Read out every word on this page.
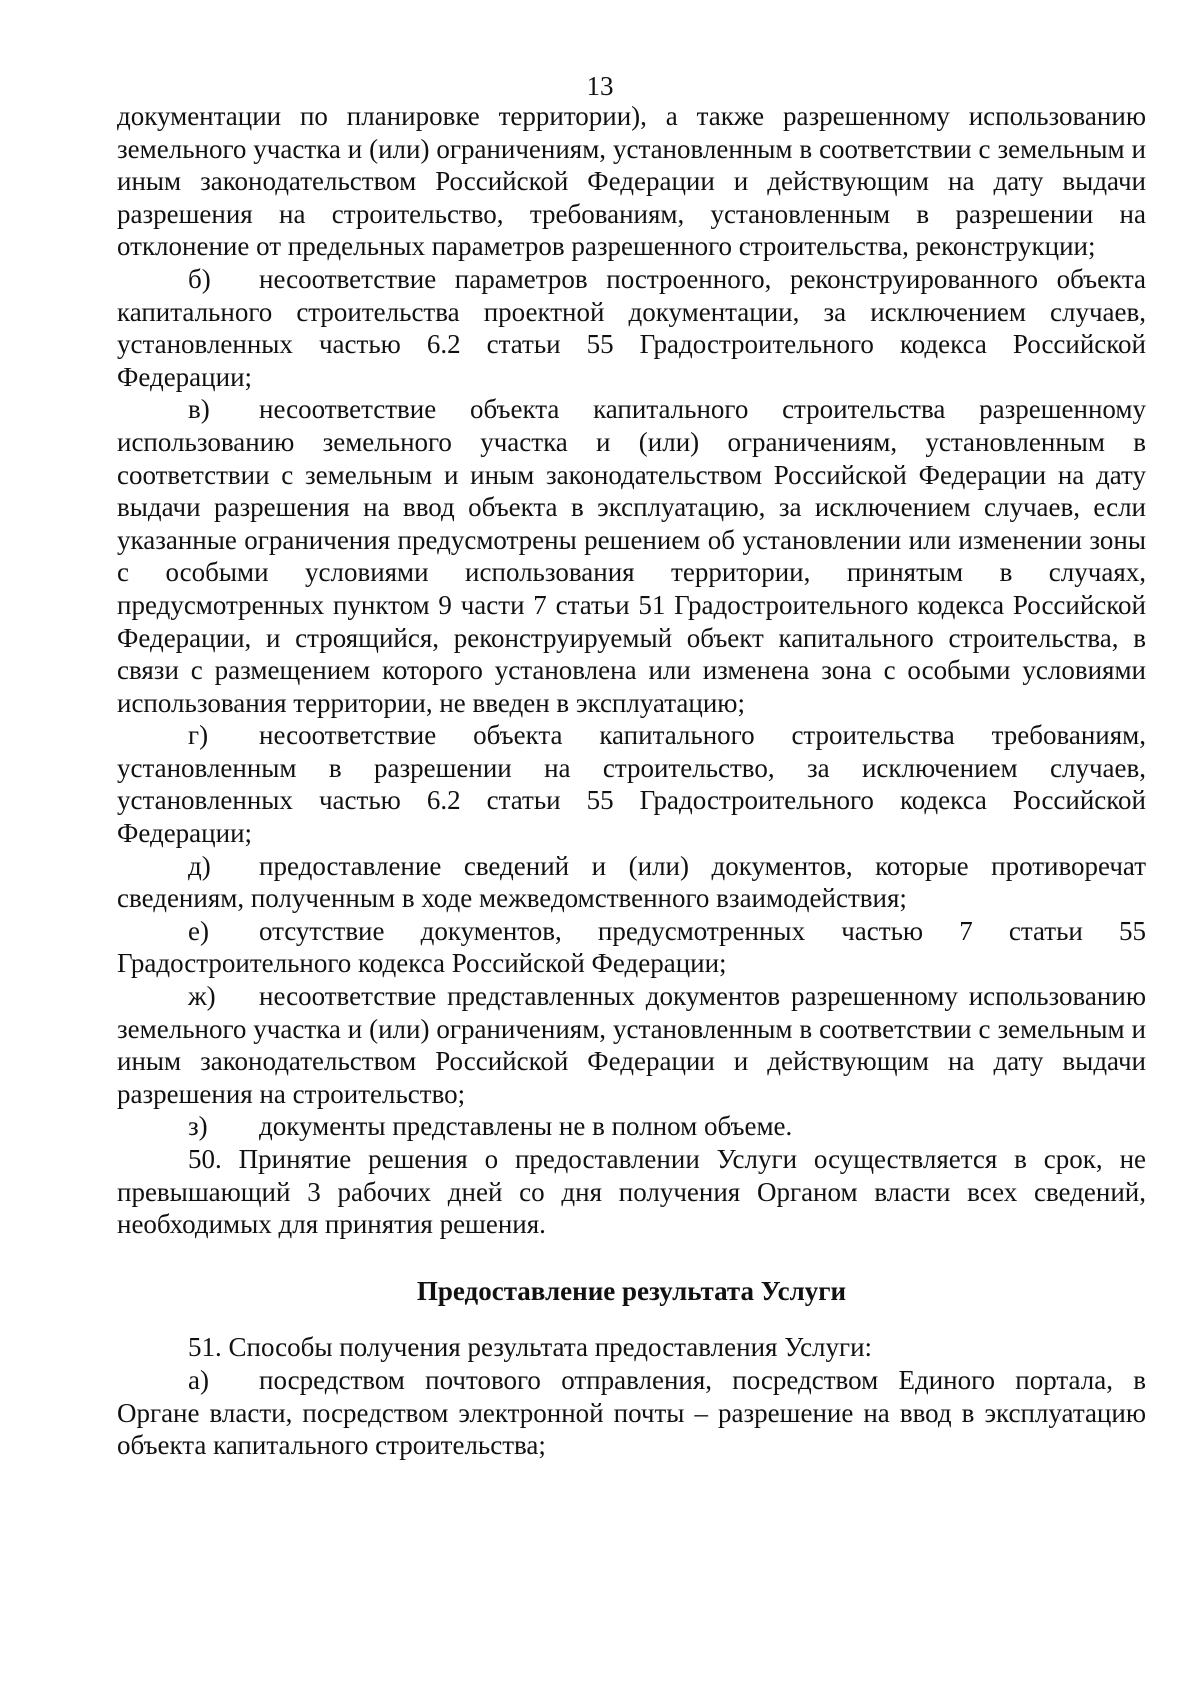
13

документации по планировке территории), а также разрешенному использованию земельного участка и (или) ограничениям, установленным в соответствии с земельным и иным законодательством Российской Федерации и действующим на дату выдачи разрешения на строительство, требованиям, установленным в разрешении на отклонение от предельных параметров разрешенного строительства, реконструкции;

б) несоответствие параметров построенного, реконструированного объекта капитального строительства проектной документации, за исключением случаев, установленных частью 6.2 статьи 55 Градостроительного кодекса Российской Федерации;

в) несоответствие объекта капитального строительства разрешенному использованию земельного участка и (или) ограничениям, установленным в соответствии с земельным и иным законодательством Российской Федерации на дату выдачи разрешения на ввод объекта в эксплуатацию, за исключением случаев, если указанные ограничения предусмотрены решением об установлении или изменении зоны с особыми условиями использования территории, принятым в случаях, предусмотренных пунктом 9 части 7 статьи 51 Градостроительного кодекса Российской Федерации, и строящийся, реконструируемый объект капитального строительства, в связи с размещением которого установлена или изменена зона с особыми условиями использования территории, не введен в эксплуатацию;

г) несоответствие объекта капитального строительства требованиям, установленным в разрешении на строительство, за исключением случаев, установленных частью 6.2 статьи 55 Градостроительного кодекса Российской Федерации;

д) предоставление сведений и (или) документов, которые противоречат сведениям, полученным в ходе межведомственного взаимодействия;

е) отсутствие документов, предусмотренных частью 7 статьи 55 Градостроительного кодекса Российской Федерации;

ж) несоответствие представленных документов разрешенному использованию земельного участка и (или) ограничениям, установленным в соответствии с земельным и иным законодательством Российской Федерации и действующим на дату выдачи разрешения на строительство;

з) документы представлены не в полном объеме.

50. Принятие решения о предоставлении Услуги осуществляется в срок, не превышающий 3 рабочих дней со дня получения Органом власти всех сведений, необходимых для принятия решения.

Предоставление результата Услуги

51. Способы получения результата предоставления Услуги:

а) посредством почтового отправления, посредством Единого портала, в Органе власти, посредством электронной почты – разрешение на ввод в эксплуатацию объекта капитального строительства;
